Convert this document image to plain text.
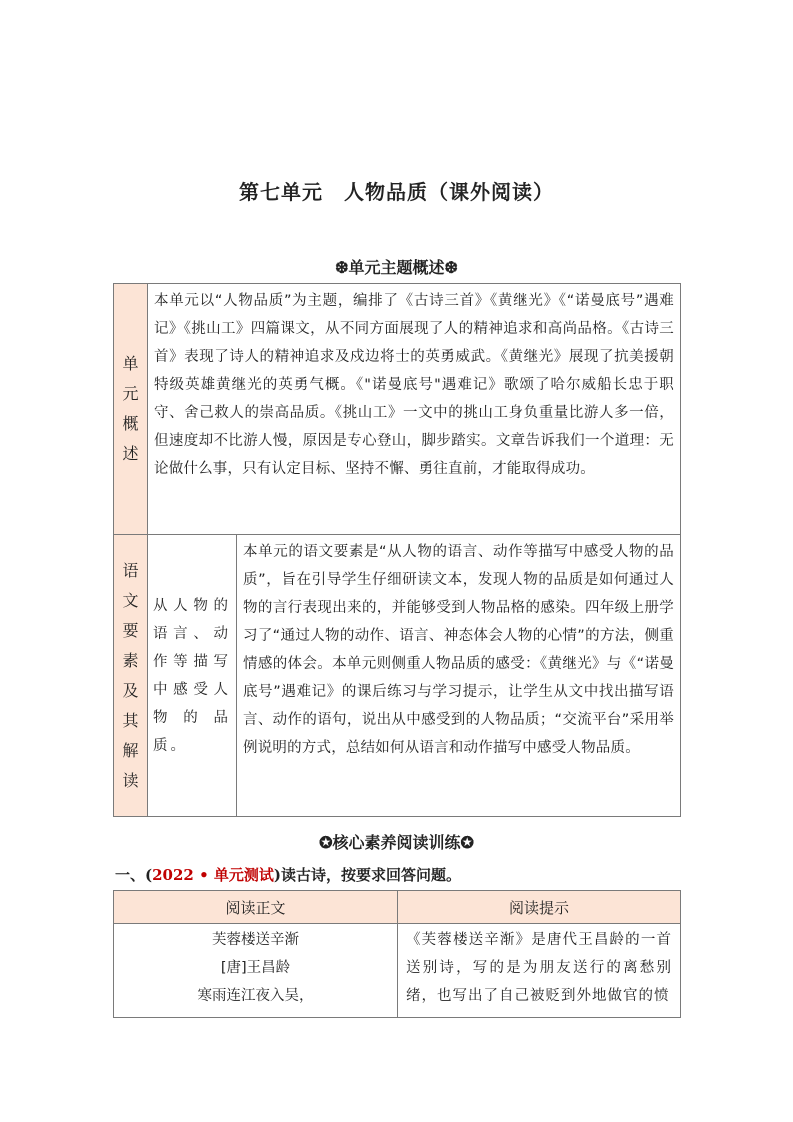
第七单元　人物品质（课外阅读）
❆单元主题概述❆
单
元
概
述
本单元以“人物品质”为主题，编排了《古诗三首》《黄继光》《“诺曼底号”遇难记》《挑山工》四篇课文，从不同方面展现了人的精神追求和高尚品格。《古诗三首》表现了诗人的精神追求及戍边将士的英勇威武。《黄继光》展现了抗美援朝特级英雄黄继光的英勇气概。《"诺曼底号"遇难记》歌颂了哈尔威船长忠于职守、舍己救人的崇高品质。《挑山工》一文中的挑山工身负重量比游人多一倍，但速度却不比游人慢，原因是专心登山，脚步踏实。文章告诉我们一个道理：无论做什么事，只有认定目标、坚持不懈、勇往直前，才能取得成功。
语
文
要
素
及
其
解
读
从人物的语言、动作等描写中感受人物的品质。
本单元的语文要素是“从人物的语言、动作等描写中感受人物的品质”，旨在引导学生仔细研读文本，发现人物的品质是如何通过人物的言行表现出来的，并能够受到人物品格的感染。四年级上册学习了“通过人物的动作、语言、神态体会人物的心情”的方法，侧重情感的体会。本单元则侧重人物品质的感受：《黄继光》与《“诺曼底号”遇难记》的课后练习与学习提示，让学生从文中找出描写语言、动作的语句，说出从中感受到的人物品质；“交流平台”采用举例说明的方式，总结如何从语言和动作描写中感受人物品质。
✪核心素养阅读训练✪
一、(2022 • 单元测试)读古诗，按要求回答问题。
阅读正文	阅读提示
芙蓉楼送辛渐
[唐]王昌龄
寒雨连江夜入吴，
《芙蓉楼送辛渐》是唐代王昌龄的一首送别诗，写的是为朋友送行的离愁别绪，也写出了自己被贬到外地做官的愤
